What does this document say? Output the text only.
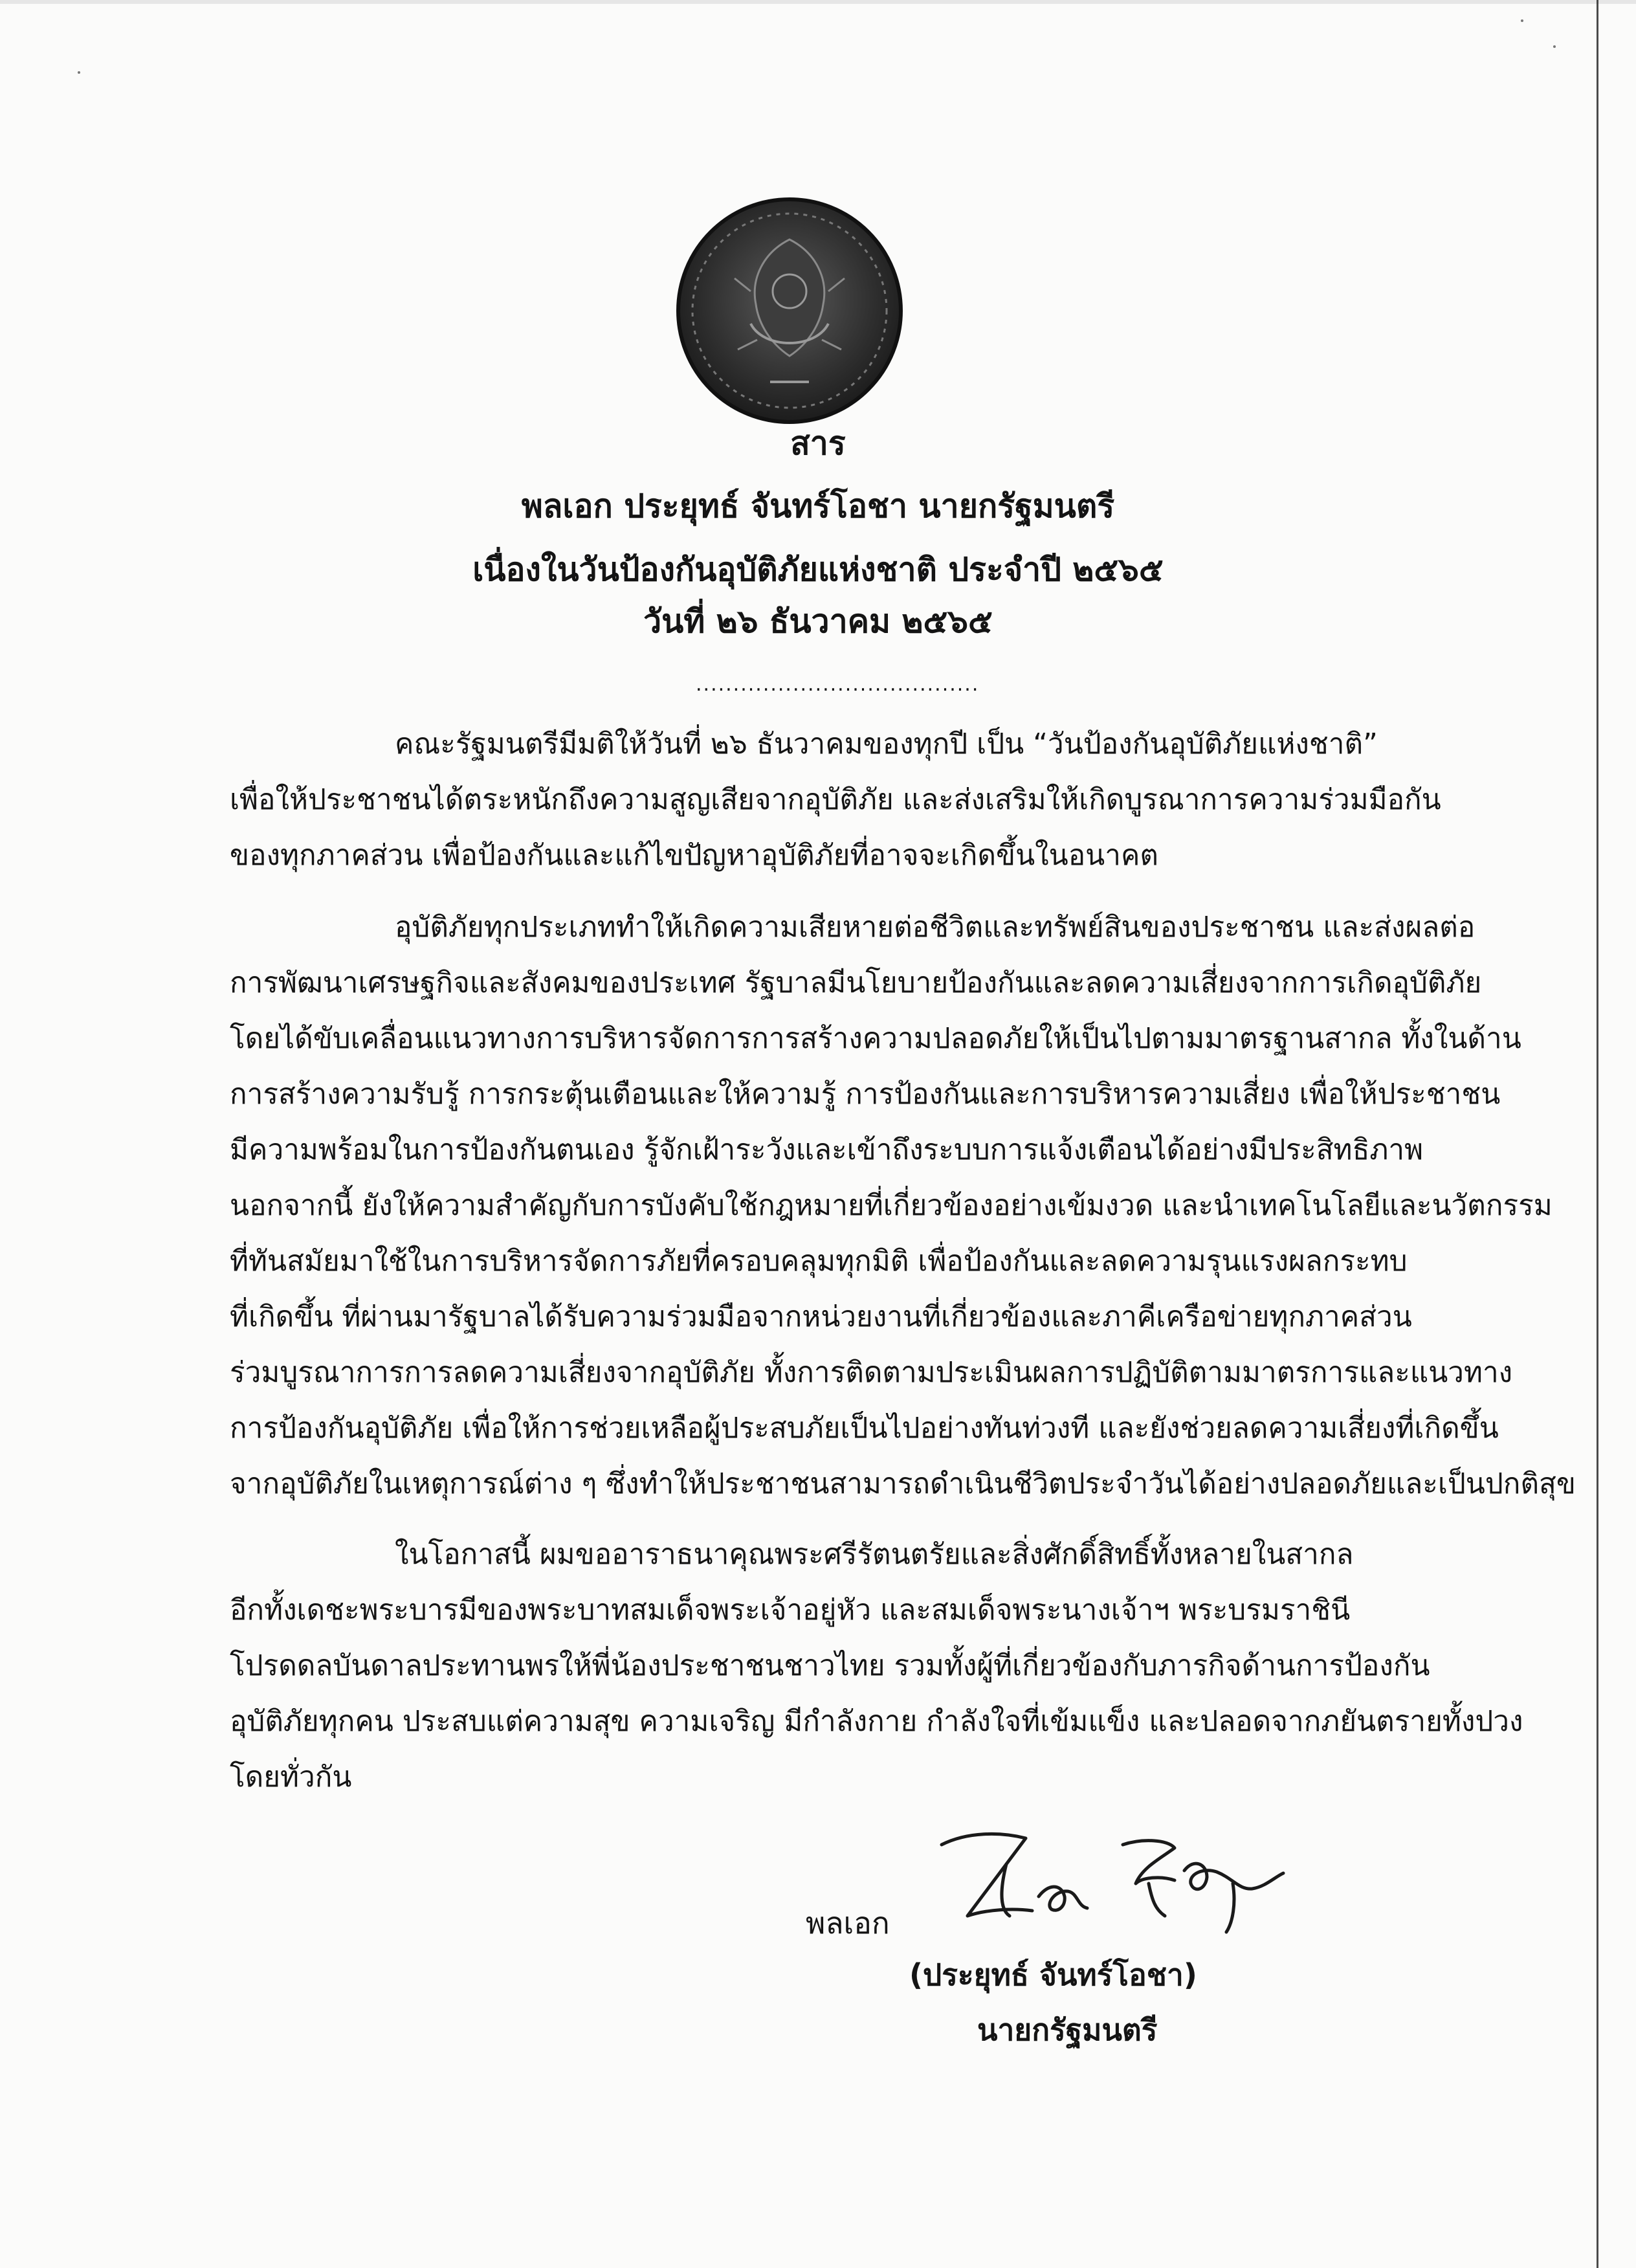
สาร
พลเอก ประยุทธ์ จันทร์โอชา นายกรัฐมนตรี
เนื่องในวันป้องกันอุบัติภัยแห่งชาติ ประจำปี ๒๕๖๕
วันที่ ๒๖ ธันวาคม ๒๕๖๕
......................................
คณะรัฐมนตรีมีมติให้วันที่ ๒๖ ธันวาคมของทุกปี เป็น “วันป้องกันอุบัติภัยแห่งชาติ”
เพื่อให้ประชาชนได้ตระหนักถึงความสูญเสียจากอุบัติภัย และส่งเสริมให้เกิดบูรณาการความร่วมมือกัน
ของทุกภาคส่วน เพื่อป้องกันและแก้ไขปัญหาอุบัติภัยที่อาจจะเกิดขึ้นในอนาคต
อุบัติภัยทุกประเภททำให้เกิดความเสียหายต่อชีวิตและทรัพย์สินของประชาชน และส่งผลต่อ
การพัฒนาเศรษฐกิจและสังคมของประเทศ รัฐบาลมีนโยบายป้องกันและลดความเสี่ยงจากการเกิดอุบัติภัย
โดยได้ขับเคลื่อนแนวทางการบริหารจัดการการสร้างความปลอดภัยให้เป็นไปตามมาตรฐานสากล ทั้งในด้าน
การสร้างความรับรู้ การกระตุ้นเตือนและให้ความรู้ การป้องกันและการบริหารความเสี่ยง เพื่อให้ประชาชน
มีความพร้อมในการป้องกันตนเอง รู้จักเฝ้าระวังและเข้าถึงระบบการแจ้งเตือนได้อย่างมีประสิทธิภาพ
นอกจากนี้ ยังให้ความสำคัญกับการบังคับใช้กฎหมายที่เกี่ยวข้องอย่างเข้มงวด และนำเทคโนโลยีและนวัตกรรม
ที่ทันสมัยมาใช้ในการบริหารจัดการภัยที่ครอบคลุมทุกมิติ เพื่อป้องกันและลดความรุนแรงผลกระทบ
ที่เกิดขึ้น ที่ผ่านมารัฐบาลได้รับความร่วมมือจากหน่วยงานที่เกี่ยวข้องและภาคีเครือข่ายทุกภาคส่วน
ร่วมบูรณาการการลดความเสี่ยงจากอุบัติภัย ทั้งการติดตามประเมินผลการปฏิบัติตามมาตรการและแนวทาง
การป้องกันอุบัติภัย เพื่อให้การช่วยเหลือผู้ประสบภัยเป็นไปอย่างทันท่วงที และยังช่วยลดความเสี่ยงที่เกิดขึ้น
จากอุบัติภัยในเหตุการณ์ต่าง ๆ ซึ่งทำให้ประชาชนสามารถดำเนินชีวิตประจำวันได้อย่างปลอดภัยและเป็นปกติสุข
ในโอกาสนี้ ผมขออาราธนาคุณพระศรีรัตนตรัยและสิ่งศักดิ์สิทธิ์ทั้งหลายในสากล
อีกทั้งเดชะพระบารมีของพระบาทสมเด็จพระเจ้าอยู่หัว และสมเด็จพระนางเจ้าฯ พระบรมราชินี
โปรดดลบันดาลประทานพรให้พี่น้องประชาชนชาวไทย รวมทั้งผู้ที่เกี่ยวข้องกับภารกิจด้านการป้องกัน
อุบัติภัยทุกคน ประสบแต่ความสุข ความเจริญ มีกำลังกาย กำลังใจที่เข้มแข็ง และปลอดจากภยันตรายทั้งปวง
โดยทั่วกัน
พลเอก
(ประยุทธ์ จันทร์โอชา)
นายกรัฐมนตรี
